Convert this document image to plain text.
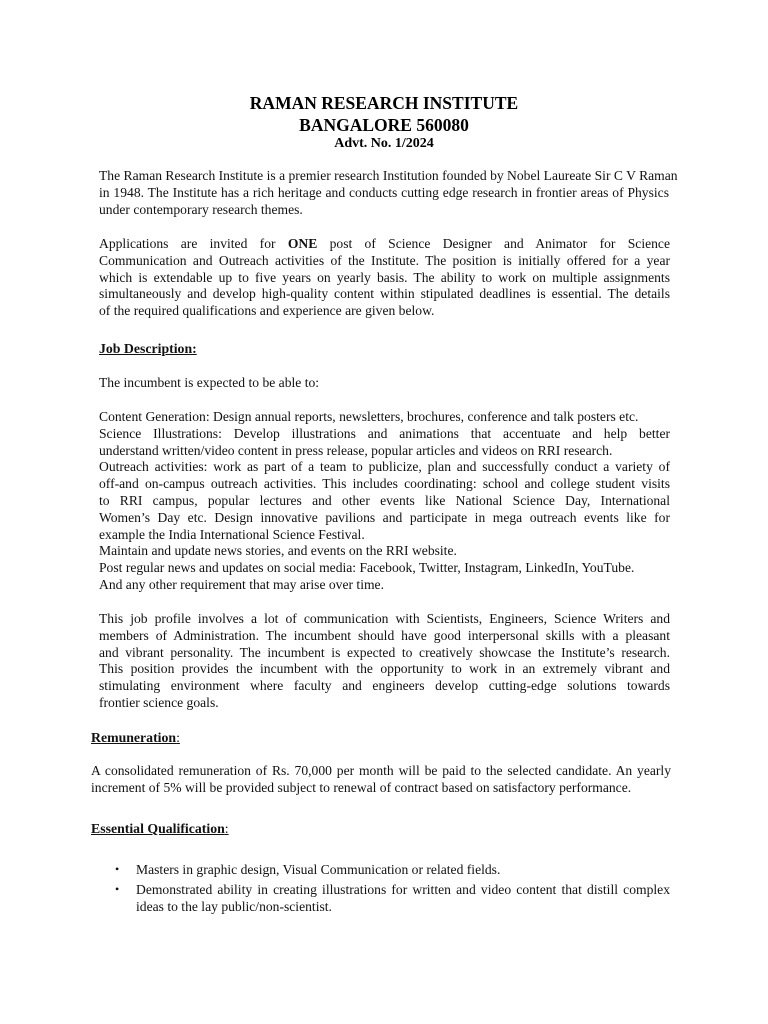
RAMAN RESEARCH INSTITUTE
BANGALORE 560080
Advt. No. 1/2024
The Raman Research Institute is a premier research Institution founded by Nobel Laureate Sir C V Raman
in 1948. The Institute has a rich heritage and conducts cutting edge research in frontier areas of Physics
under contemporary research themes.
Applications are invited for ONE post of Science Designer and Animator for Science
Communication and Outreach activities of the Institute. The position is initially offered for a year
which is extendable up to five years on yearly basis. The ability to work on multiple assignments
simultaneously and develop high-quality content within stipulated deadlines is essential. The details
of the required qualifications and experience are given below.
Job Description:
The incumbent is expected to be able to:
Content Generation: Design annual reports, newsletters, brochures, conference and talk posters etc.
Science Illustrations: Develop illustrations and animations that accentuate and help better
understand written/video content in press release, popular articles and videos on RRI research.
Outreach activities: work as part of a team to publicize, plan and successfully conduct a variety of
off-and on-campus outreach activities. This includes coordinating: school and college student visits
to RRI campus, popular lectures and other events like National Science Day, International
Women’s Day etc. Design innovative pavilions and participate in mega outreach events like for
example the India International Science Festival.
Maintain and update news stories, and events on the RRI website.
Post regular news and updates on social media: Facebook, Twitter, Instagram, LinkedIn, YouTube.
And any other requirement that may arise over time.
This job profile involves a lot of communication with Scientists, Engineers, Science Writers and
members of Administration. The incumbent should have good interpersonal skills with a pleasant
and vibrant personality. The incumbent is expected to creatively showcase the Institute’s research.
This position provides the incumbent with the opportunity to work in an extremely vibrant and
stimulating environment where faculty and engineers develop cutting-edge solutions towards
frontier science goals.
Remuneration:
A consolidated remuneration of Rs. 70,000 per month will be paid to the selected candidate. An yearly
increment of 5% will be provided subject to renewal of contract based on satisfactory performance.
Essential Qualification:
• Masters in graphic design, Visual Communication or related fields.
• Demonstrated ability in creating illustrations for written and video content that distill complex ideas to the lay public/non-scientist.
